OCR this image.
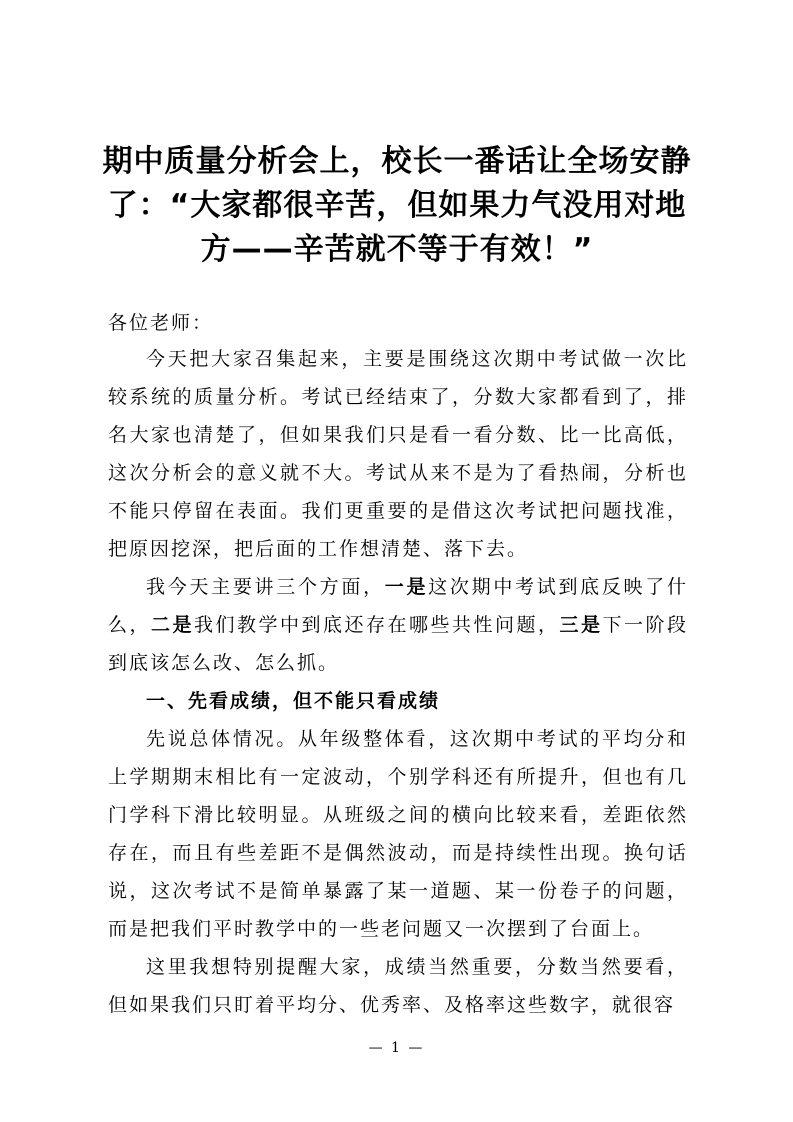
期中质量分析会上，校长一番话让全场安静了：“大家都很辛苦，但如果力气没用对地方——辛苦就不等于有效！”

各位老师：

今天把大家召集起来，主要是围绕这次期中考试做一次比较系统的质量分析。考试已经结束了，分数大家都看到了，排名大家也清楚了，但如果我们只是看一看分数、比一比高低，这次分析会的意义就不大。考试从来不是为了看热闹，分析也不能只停留在表面。我们更重要的是借这次考试把问题找准，把原因挖深，把后面的工作想清楚、落下去。

我今天主要讲三个方面，一是这次期中考试到底反映了什么，二是我们教学中到底还存在哪些共性问题，三是下一阶段到底该怎么改、怎么抓。

一、先看成绩，但不能只看成绩

先说总体情况。从年级整体看，这次期中考试的平均分和上学期期末相比有一定波动，个别学科还有所提升，但也有几门学科下滑比较明显。从班级之间的横向比较来看，差距依然存在，而且有些差距不是偶然波动，而是持续性出现。换句话说，这次考试不是简单暴露了某一道题、某一份卷子的问题，而是把我们平时教学中的一些老问题又一次摆到了台面上。

这里我想特别提醒大家，成绩当然重要，分数当然要看，但如果我们只盯着平均分、优秀率、及格率这些数字，就很容

— 1 —
